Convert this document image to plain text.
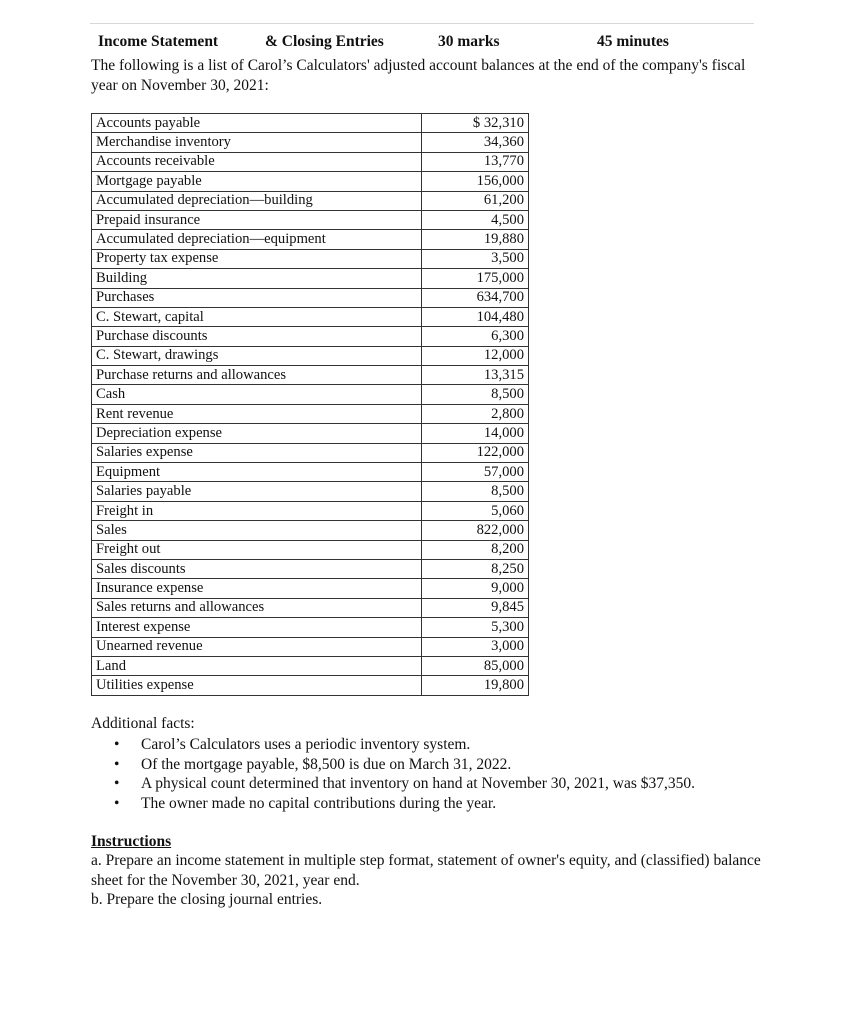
Income Statement	& Closing Entries	30 marks	45 minutes
The following is a list of Carol’s Calculators' adjusted account balances at the end of the company's fiscal year on November 30, 2021:
Accounts payable	$ 32,310
Merchandise inventory	34,360
Accounts receivable	13,770
Mortgage payable	156,000
Accumulated depreciation—building	61,200
Prepaid insurance	4,500
Accumulated depreciation—equipment	19,880
Property tax expense	3,500
Building	175,000
Purchases	634,700
C. Stewart, capital	104,480
Purchase discounts	6,300
C. Stewart, drawings	12,000
Purchase returns and allowances	13,315
Cash	8,500
Rent revenue	2,800
Depreciation expense	14,000
Salaries expense	122,000
Equipment	57,000
Salaries payable	8,500
Freight in	5,060
Sales	822,000
Freight out	8,200
Sales discounts	8,250
Insurance expense	9,000
Sales returns and allowances	9,845
Interest expense	5,300
Unearned revenue	3,000
Land	85,000
Utilities expense	19,800
Additional facts:
• Carol’s Calculators uses a periodic inventory system.
• Of the mortgage payable, $8,500 is due on March 31, 2022.
• A physical count determined that inventory on hand at November 30, 2021, was $37,350.
• The owner made no capital contributions during the year.
Instructions

a. Prepare an income statement in multiple step format, statement of owner's equity, and (classified) balance sheet for the November 30, 2021, year end.

b. Prepare the closing journal entries.
